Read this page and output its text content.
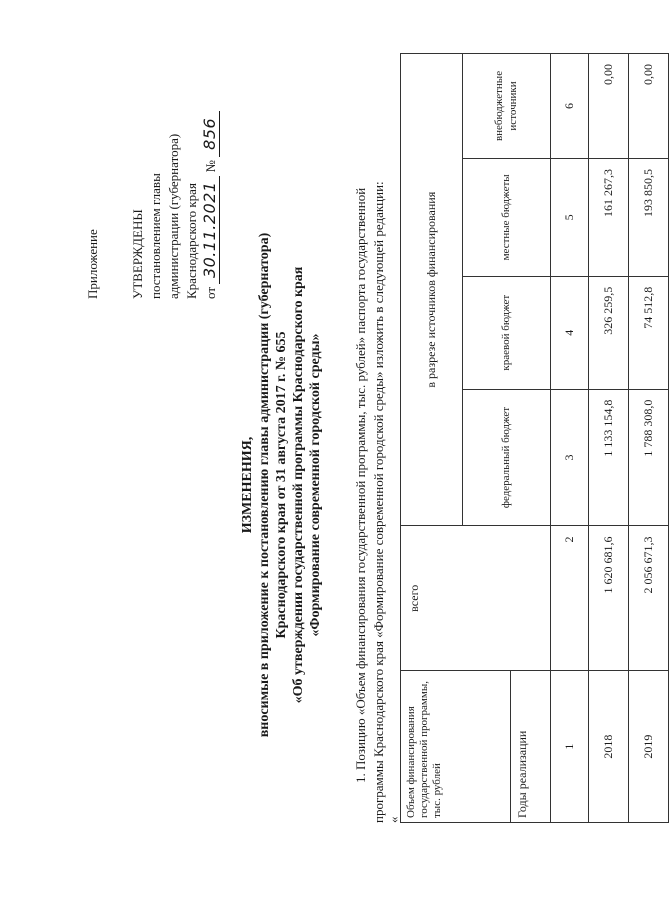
Приложение УТВЕРЖДЕНЫ постановлением главы администрации (губернатора) Краснодарского края от 30.11.2021 № 856
ИЗМЕНЕНИЯ, вносимые в приложение к постановлению главы администрации (губернатора) Краснодарского края от 31 августа 2017 г. № 655 «Об утверждении государственной программы Краснодарского края «Формирование современной городской среды» 1. Позицию «Объем финансирования государственной программы, тыс. рублей» паспорта государственной программы Краснодарского края «Формирование современной городской среды» изложить в следующей редакции: «
Объем финансирования государственной программы, тыс. рублей	всего	в разрезе источников финансирования			
		федеральный бюджет	краевой бюджет	местные бюджеты	внебюджетные источники
Годы реализации					
1	2	3	4	5	6
2018	1 620 681,6	1 133 154,8	326 259,5	161 267,3	0,00
2019	2 056 671,3	1 788 308,0	74 512,8	193 850,5	0,00
